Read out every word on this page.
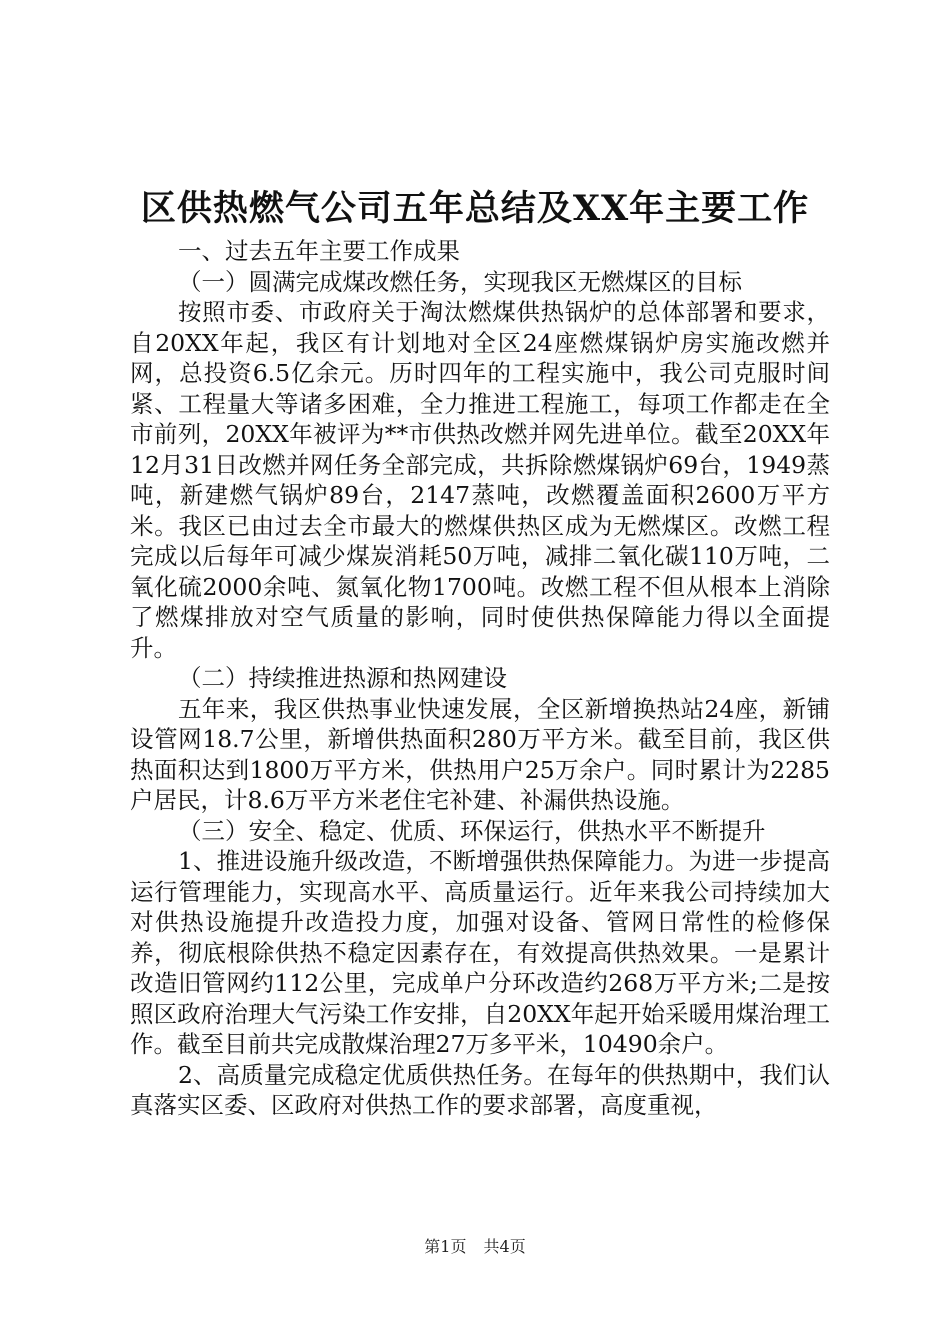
区供热燃气公司五年总结及XX年主要工作

一、过去五年主要工作成果

（一）圆满完成煤改燃任务，实现我区无燃煤区的目标

按照市委、市政府关于淘汰燃煤供热锅炉的总体部署和要求，自20XX年起，我区有计划地对全区24座燃煤锅炉房实施改燃并网，总投资6.5亿余元。历时四年的工程实施中，我公司克服时间紧、工程量大等诸多困难，全力推进工程施工，每项工作都走在全市前列，20XX年被评为**市供热改燃并网先进单位。截至20XX年12月31日改燃并网任务全部完成，共拆除燃煤锅炉69台，1949蒸吨，新建燃气锅炉89台，2147蒸吨，改燃覆盖面积2600万平方米。我区已由过去全市最大的燃煤供热区成为无燃煤区。改燃工程完成以后每年可减少煤炭消耗50万吨，减排二氧化碳110万吨，二氧化硫2000余吨、氮氧化物1700吨。改燃工程不但从根本上消除了燃煤排放对空气质量的影响，同时使供热保障能力得以全面提升。

（二）持续推进热源和热网建设

五年来，我区供热事业快速发展，全区新增换热站24座，新铺设管网18.7公里，新增供热面积280万平方米。截至目前，我区供热面积达到1800万平方米，供热用户25万余户。同时累计为2285户居民，计8.6万平方米老住宅补建、补漏供热设施。

（三）安全、稳定、优质、环保运行，供热水平不断提升

1、推进设施升级改造，不断增强供热保障能力。为进一步提高运行管理能力，实现高水平、高质量运行。近年来我公司持续加大对供热设施提升改造投力度，加强对设备、管网日常性的检修保养，彻底根除供热不稳定因素存在，有效提高供热效果。一是累计改造旧管网约112公里，完成单户分环改造约268万平方米;二是按照区政府治理大气污染工作安排，自20XX年起开始采暖用煤治理工作。截至目前共完成散煤治理27万多平米，10490余户。

2、高质量完成稳定优质供热任务。在每年的供热期中，我们认真落实区委、区政府对供热工作的要求部署，高度重视，

第1页 共4页
